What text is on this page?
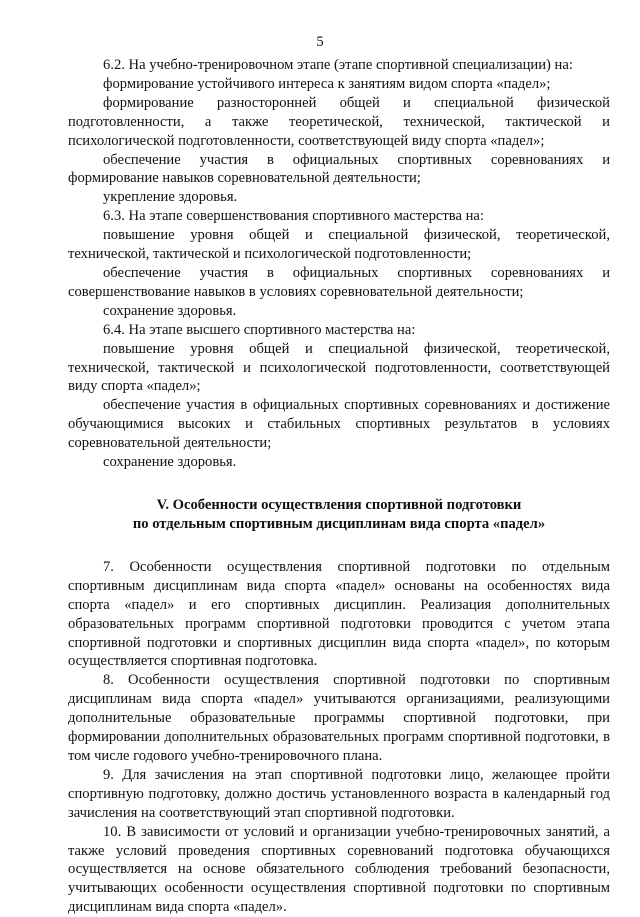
5

6.2. На учебно-тренировочном этапе (этапе спортивной специализации) на:

формирование устойчивого интереса к занятиям видом спорта «падел»;

формирование разносторонней общей и специальной физической подготовленности, а также теоретической, технической, тактической и психологической подготовленности, соответствующей виду спорта «падел»;

обеспечение участия в официальных спортивных соревнованиях и формирование навыков соревновательной деятельности;

укрепление здоровья.

6.3. На этапе совершенствования спортивного мастерства на:

повышение уровня общей и специальной физической, теоретической, технической, тактической и психологической подготовленности;

обеспечение участия в официальных спортивных соревнованиях и совершенствование навыков в условиях соревновательной деятельности;

сохранение здоровья.

6.4. На этапе высшего спортивного мастерства на:

повышение уровня общей и специальной физической, теоретической, технической, тактической и психологической подготовленности, соответствующей виду спорта «падел»;

обеспечение участия в официальных спортивных соревнованиях и достижение обучающимися высоких и стабильных спортивных результатов в условиях соревновательной деятельности;

сохранение здоровья.

V. Особенности осуществления спортивной подготовки
по отдельным спортивным дисциплинам вида спорта «падел»

7. Особенности осуществления спортивной подготовки по отдельным спортивным дисциплинам вида спорта «падел» основаны на особенностях вида спорта «падел» и его спортивных дисциплин. Реализация дополнительных образовательных программ спортивной подготовки проводится с учетом этапа спортивной подготовки и спортивных дисциплин вида спорта «падел», по которым осуществляется спортивная подготовка.

8. Особенности осуществления спортивной подготовки по спортивным дисциплинам вида спорта «падел» учитываются организациями, реализующими дополнительные образовательные программы спортивной подготовки, при формировании дополнительных образовательных программ спортивной подготовки, в том числе годового учебно-тренировочного плана.

9. Для зачисления на этап спортивной подготовки лицо, желающее пройти спортивную подготовку, должно достичь установленного возраста в календарный год зачисления на соответствующий этап спортивной подготовки.

10. В зависимости от условий и организации учебно-тренировочных занятий, а также условий проведения спортивных соревнований подготовка обучающихся осуществляется на основе обязательного соблюдения требований безопасности, учитывающих особенности осуществления спортивной подготовки по спортивным дисциплинам вида спорта «падел».
